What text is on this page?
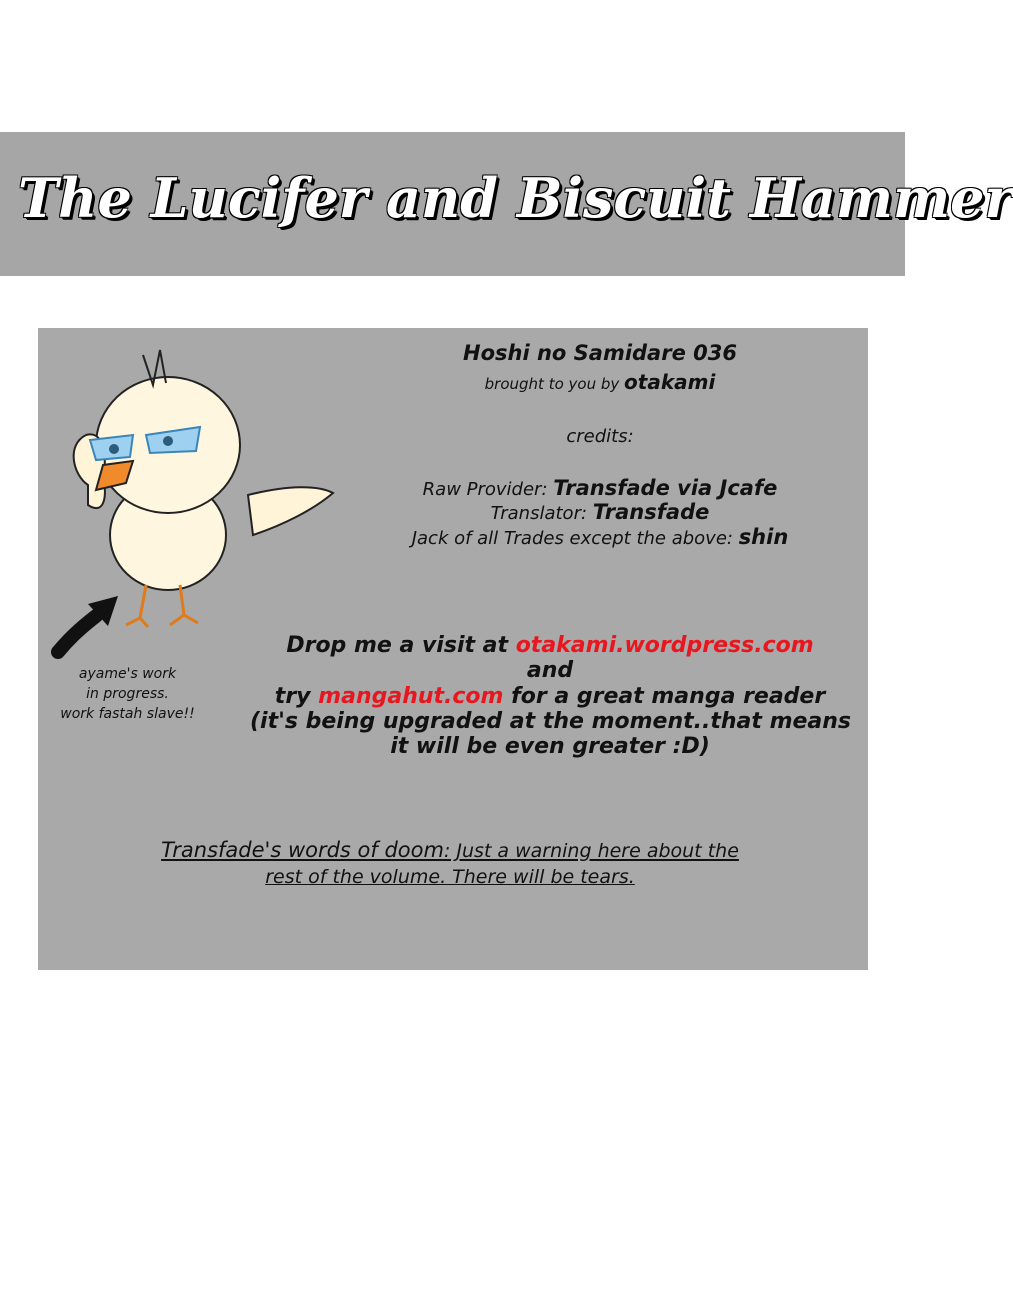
The Lucifer and Biscuit Hammer
Hoshi no Samidare 036
brought to you by otakami
credits:
Raw Provider: Transfade via Jcafe
Translator: Transfade
Jack of all Trades except the above: shin
Drop me a visit at otakami.wordpress.com
and
try mangahut.com for a great manga reader
(it's being upgraded at the moment..that means
it will be even greater :D)
Transfade's words of doom: Just a warning here about the
rest of the volume. There will be tears.
ayame's work
in progress.
work fastah slave!!
